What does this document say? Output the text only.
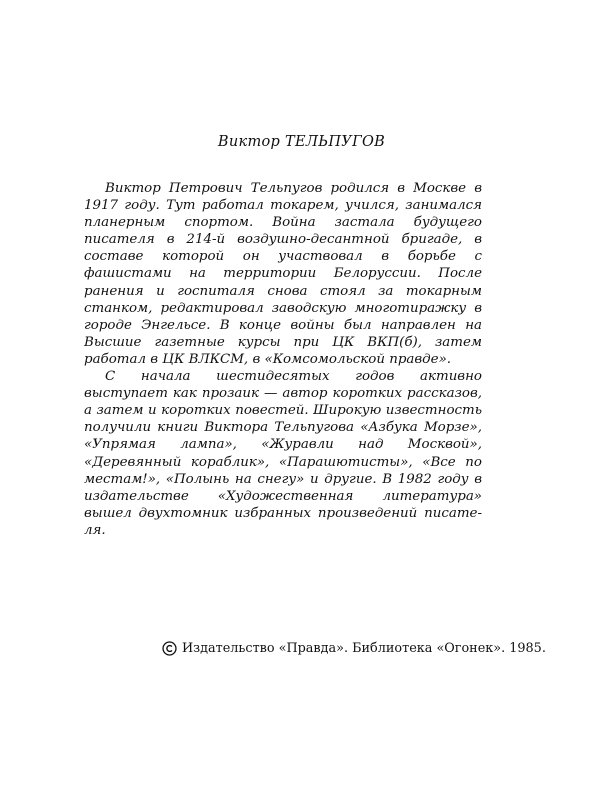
Виктор ТЕЛЬПУГОВ

Виктор Петрович Тельпугов родился в Москве в 1917 году. Тут работал токарем, учился, занимался планерным спортом. Война застала будущего писателя в 214-й воздушно-десантной бригаде, в составе которой он участвовал в борьбе с фашистами на территории Белоруссии. После ранения и госпиталя снова стоял за токарным станком, редактировал заводскую многотиражку в городе Энгельсе. В конце войны был направлен на Высшие газетные курсы при ЦК ВКП(б), затем работал в ЦК ВЛКСМ, в «Комсомольской правде».

С начала шестидесятых годов активно выступает как прозаик — автор коротких рассказов, а затем и коротких повестей. Широкую известность получили книги Виктора Тельпугова «Азбука Морзе», «Упрямая лампа», «Журавли над Москвой», «Деревянный кораблик», «Парашютисты», «Все по местам!», «Полынь на снегу» и другие. В 1982 году в издательстве «Художественная литература» вышел двухтомник избранных произведений писателя.

Издательство «Правда». Библиотека «Огонек». 1985.
